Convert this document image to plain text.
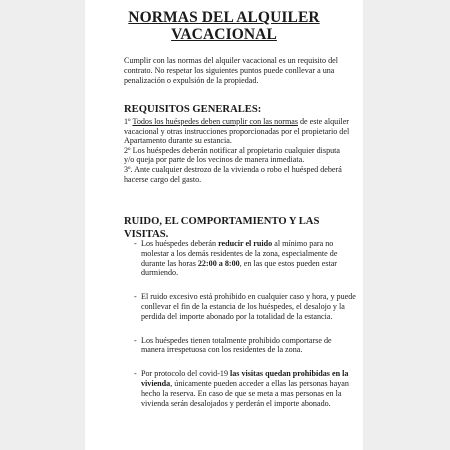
NORMAS DEL ALQUILER
VACACIONAL
Cumplir con las normas del alquiler vacacional es un requisito del contrato. No respetar los siguientes puntos puede conllevar a una penalización o expulsión de la propiedad.
REQUISITOS GENERALES:

1º Todos los huéspedes deben cumplir con las normas de este alquiler vacacional y otras instrucciones proporcionadas por el propietario del Apartamento durante su estancia.

2º Los huéspedes deberán notificar al propietario cualquier disputa y/o queja por parte de los vecinos de manera inmediata.

3º. Ante cualquier destrozo de la vivienda o robo el huésped deberá hacerse cargo del gasto.

RUIDO, EL COMPORTAMIENTO Y LAS VISITAS.
- Los huéspedes deberán reducir el ruido al mínimo para no molestar a los demás residentes de la zona, especialmente de durante las horas 22:00 a 8:00, en las que estos pueden estar durmiendo.
- El ruido excesivo está prohibido en cualquier caso y hora, y puede conllevar el fin de la estancia de los huéspedes, el desalojo y la perdida del importe abonado por la totalidad de la estancia.
- Los huéspedes tienen totalmente prohibido comportarse de manera irrespetuosa con los residentes de la zona.
- Por protocolo del covid-19 las visitas quedan prohibidas en la vivienda, únicamente pueden acceder a ellas las personas hayan hecho la reserva. En caso de que se meta a mas personas en la vivienda serán desalojados y perderán el importe abonado.
